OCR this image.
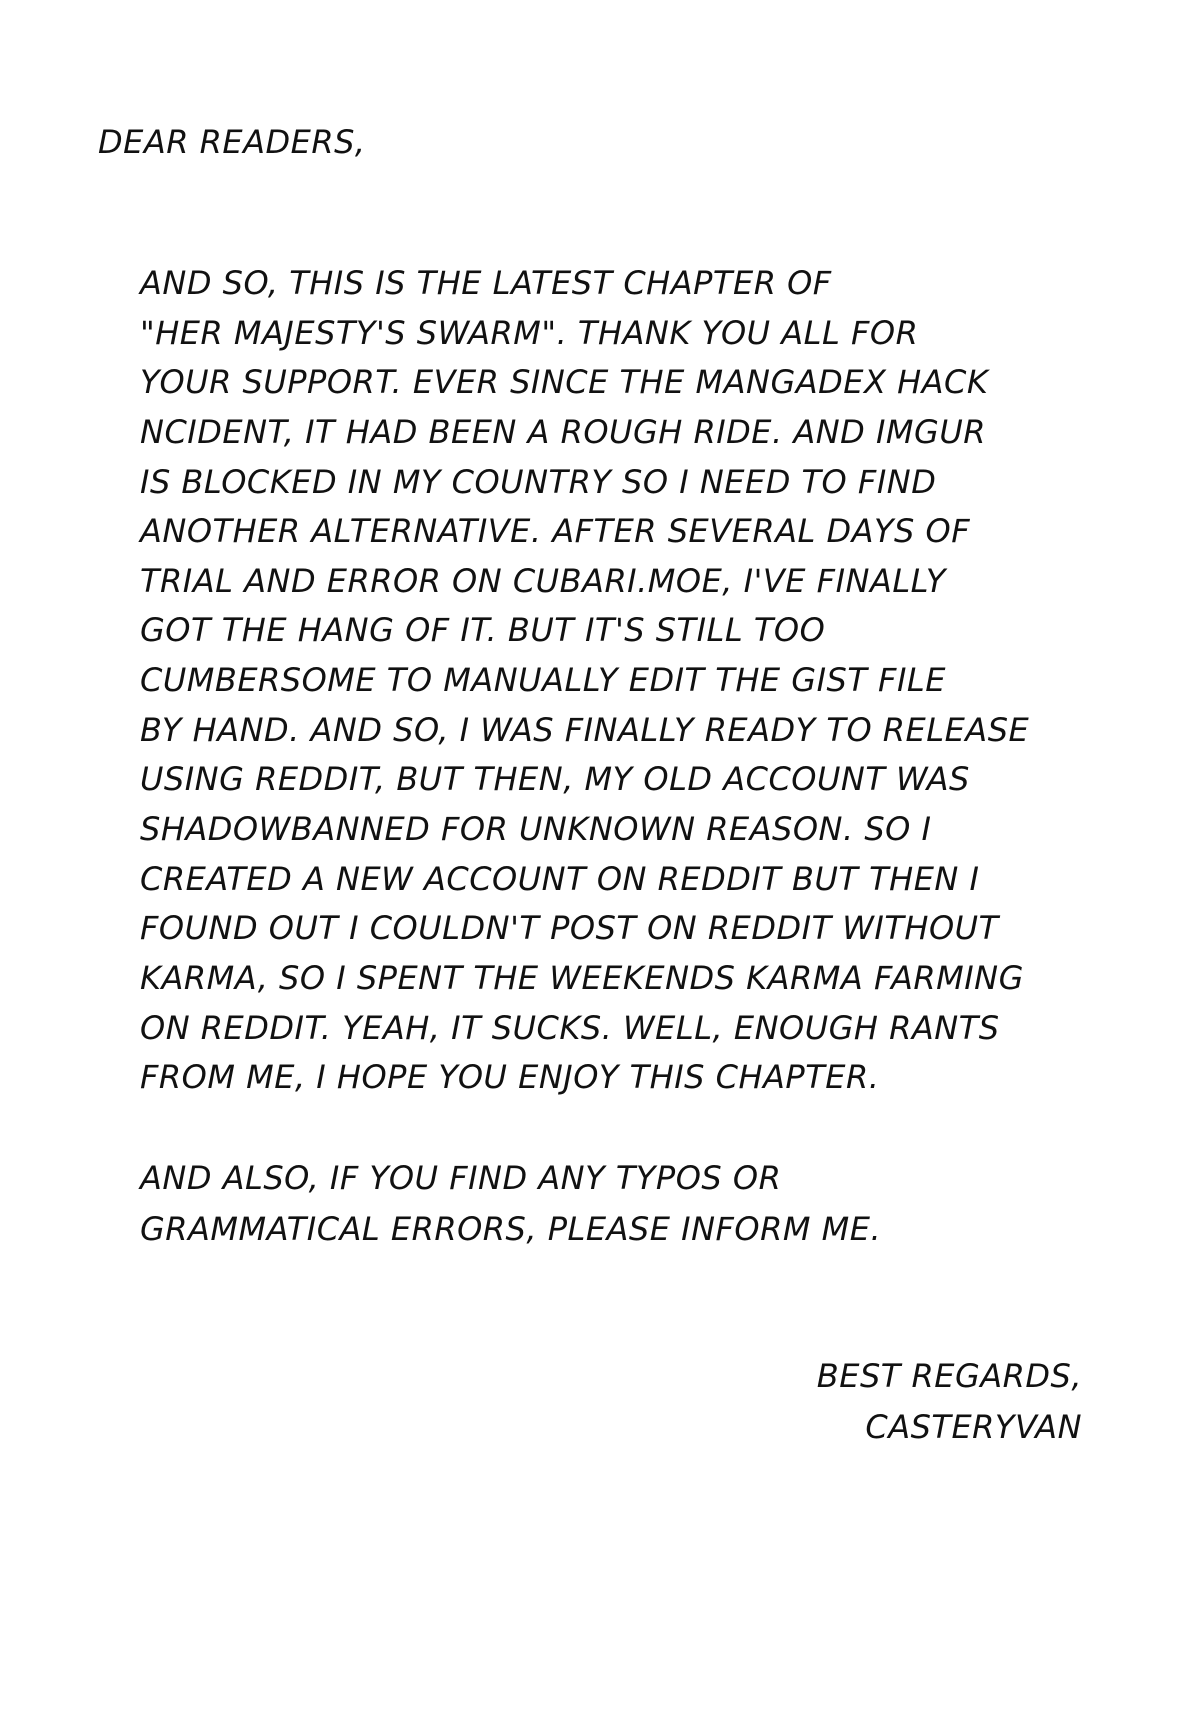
DEAR READERS,
AND SO, THIS IS THE LATEST CHAPTER OF
"HER MAJESTY'S SWARM". THANK YOU ALL FOR
YOUR SUPPORT. EVER SINCE THE MANGADEX HACK
NCIDENT, IT HAD BEEN A ROUGH RIDE. AND IMGUR
IS BLOCKED IN MY COUNTRY SO I NEED TO FIND
ANOTHER ALTERNATIVE. AFTER SEVERAL DAYS OF
TRIAL AND ERROR ON CUBARI.MOE, I'VE FINALLY
GOT THE HANG OF IT. BUT IT'S STILL TOO
CUMBERSOME TO MANUALLY EDIT THE GIST FILE
BY HAND. AND SO, I WAS FINALLY READY TO RELEASE
USING REDDIT, BUT THEN, MY OLD ACCOUNT WAS
SHADOWBANNED FOR UNKNOWN REASON. SO I
CREATED A NEW ACCOUNT ON REDDIT BUT THEN I
FOUND OUT I COULDN'T POST ON REDDIT WITHOUT
KARMA, SO I SPENT THE WEEKENDS KARMA FARMING
ON REDDIT. YEAH, IT SUCKS. WELL, ENOUGH RANTS
FROM ME, I HOPE YOU ENJOY THIS CHAPTER.
AND ALSO, IF YOU FIND ANY TYPOS OR
GRAMMATICAL ERRORS, PLEASE INFORM ME.
BEST REGARDS,
CASTERYVAN
